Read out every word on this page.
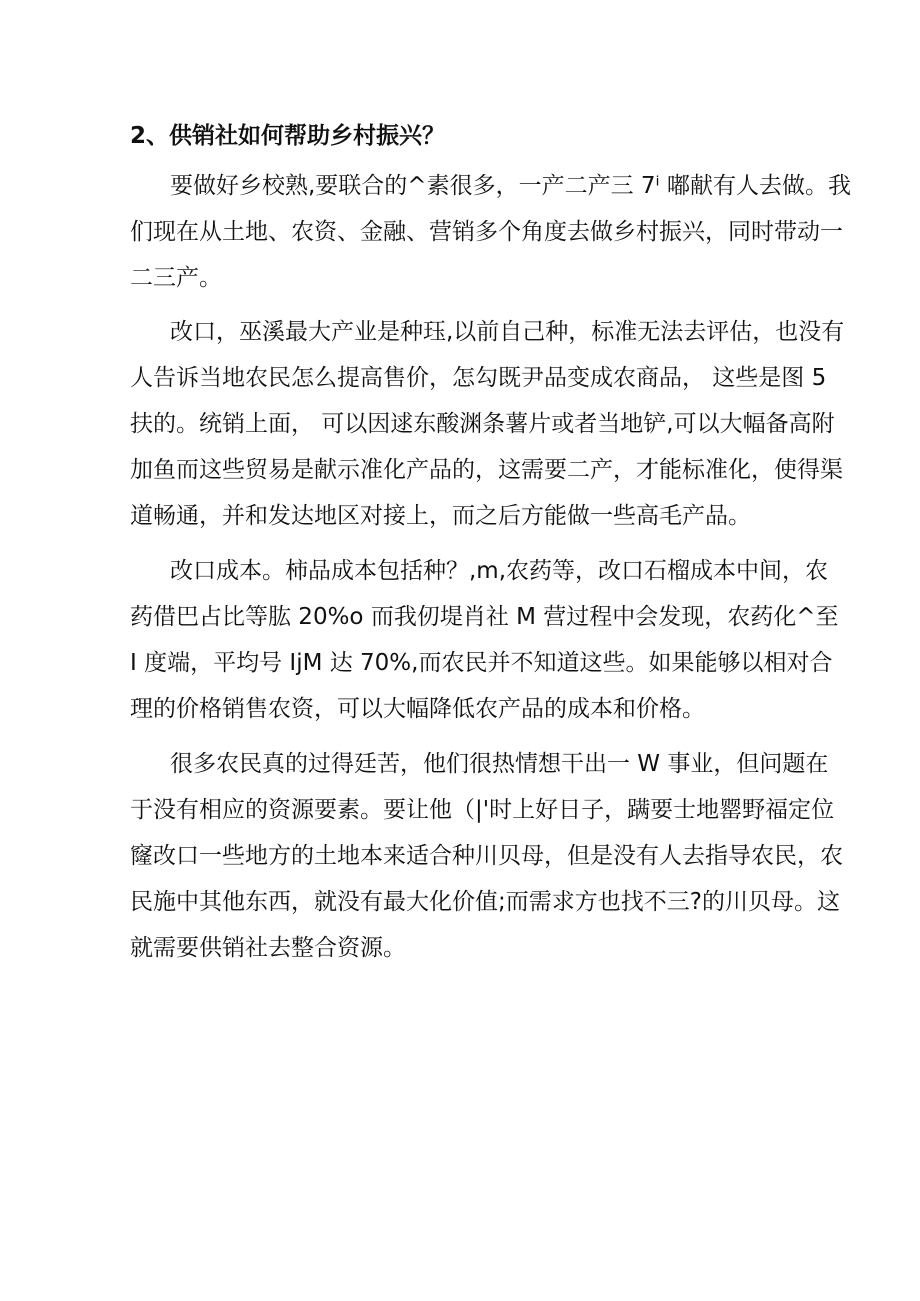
2、供销社如何帮助乡村振兴？
要做好乡校熟,要联合的^素很多，一产二产三 7ⁱ 嘟献有人去做。我
们现在从土地、农资、金融、营销多个角度去做乡村振兴，同时带动一
二三产。
改口，巫溪最大产业是种珏,以前自己种，标准无法去评估，也没有
人告诉当地农民怎么提高售价，怎勾既尹品变成农商品， 这些是图 5
扶的。统销上面， 可以因逑东酸渊条薯片或者当地铲,可以大幅备高附
加鱼而这些贸易是献示准化产品的，这需要二产，才能标准化，使得渠
道畅通，并和发达地区对接上，而之后方能做一些高毛产品。
改口成本。柿品成本包括种？,m,农药等，改口石榴成本中间，农
药借巴占比等肱 20%o 而我仞堤肖社 M 营过程中会发现，农药化^至
I 度端，平均号 IjM 达 70%,而农民并不知道这些。如果能够以相对合
理的价格销售农资，可以大幅降低农产品的成本和价格。
很多农民真的过得廷苦，他们很热情想干出一 W 事业，但问题在
于没有相应的资源要素。要让他（|'时上好日子，蹒要士地罂野福定位
窿改口一些地方的土地本来适合种川贝母，但是没有人去指导农民，农
民施中其他东西，就没有最大化价值;而需求方也找不三?的川贝母。这
就需要供销社去整合资源。
